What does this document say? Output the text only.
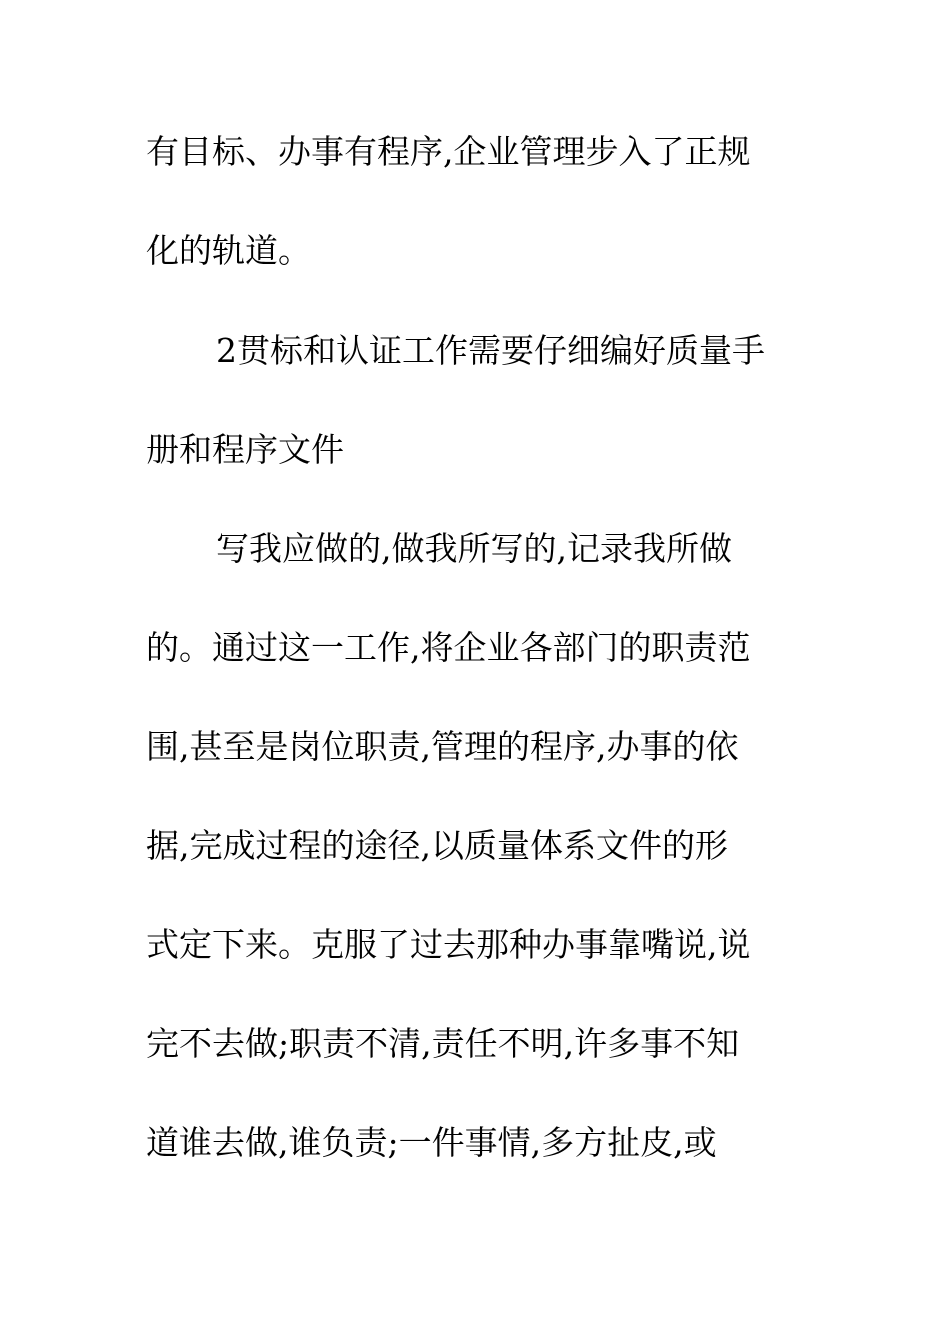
有目标、办事有程序,企业管理步入了正规
化的轨道。
2贯标和认证工作需要仔细编好质量手
册和程序文件
写我应做的,做我所写的,记录我所做
的。通过这一工作,将企业各部门的职责范
围,甚至是岗位职责,管理的程序,办事的依
据,完成过程的途径,以质量体系文件的形
式定下来。克服了过去那种办事靠嘴说,说
完不去做;职责不清,责任不明,许多事不知
道谁去做,谁负责;一件事情,多方扯皮,或
